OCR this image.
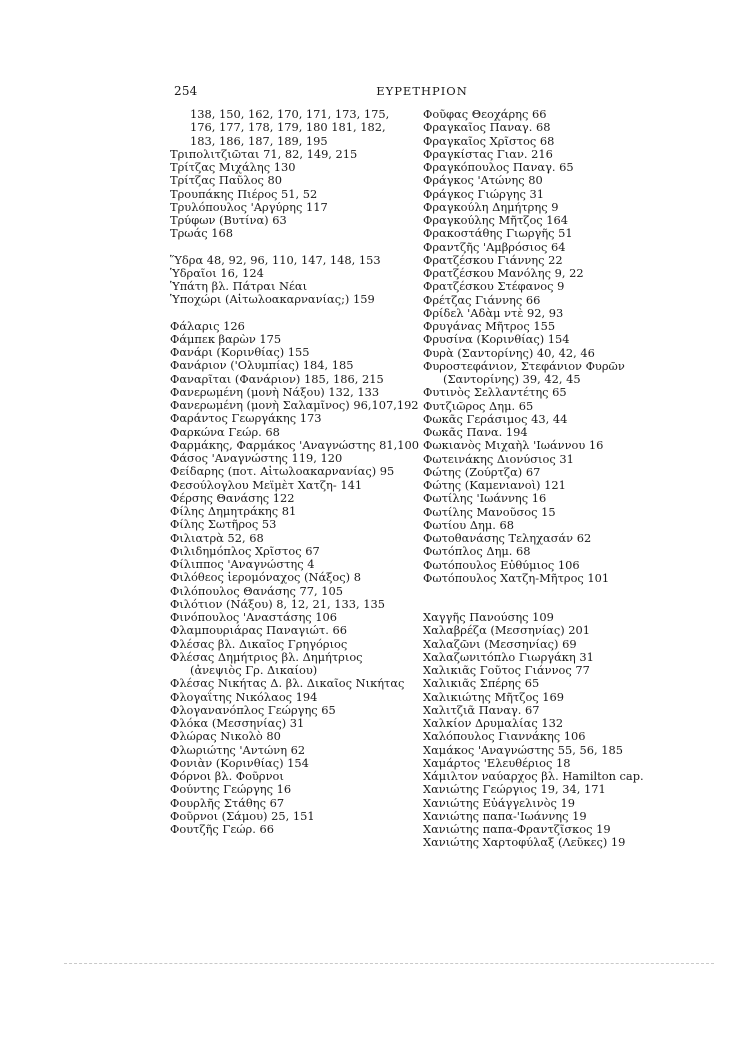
254	ΕΥΡΕΤΗΡΙΟΝ
138, 150, 162, 170, 171, 173, 175,
176, 177, 178, 179, 180 181, 182,
183, 186, 187, 189, 195
Τριπολιτζιῶται 71, 82, 149, 215
Τρίτζας Μιχάλης 130
Τρίτζας Παῦλος 80
Τρουπάκης Πιέρος 51, 52
Τρυλόπουλος 'Αργύρης 117
Τρύφων (Βυτίνα) 63
Τρωάς 168
Ὕδρα 48, 92, 96, 110, 147, 148, 153
Ὑδραῖοι 16, 124
Ὑπάτη βλ. Πάτραι Νέαι
Ὑποχώρι (Αἰτωλοακαρνανίας;) 159
Φάλαρις 126
Φάμπεκ βαρὼν 175
Φανάρι (Κορινθίας) 155
Φανάριον ('Ολυμπίας) 184, 185
Φαναρῖται (Φανάριον) 185, 186, 215
Φανερωμένη (μονὴ Νάξου) 132, 133
Φανερωμένη (μονὴ Σαλαμῖνος) 96,107,192
Φαράντος Γεωργάκης 173
Φαρκώνα Γεώρ. 68
Φαρμάκης, Φαρμάκος 'Αναγνώστης 81,100
Φάσος 'Αναγνώστης 119, 120
Φείδαρης (ποτ. Αἰτωλοακαρνανίας) 95
Φεσούλογλου Μεϊμὲτ Χατζη- 141
Φέρσης Θανάσης 122
Φίλης Δημητράκης 81
Φίλης Σωτῆρος 53
Φιλιατρὰ 52, 68
Φιλιδημόπλος Χρῖστος 67
Φίλιππος 'Αναγνώστης 4
Φιλόθεος ἱερομόναχος (Νάξος) 8
Φιλόπουλος Θανάσης 77, 105
Φιλότιον (Νάξου) 8, 12, 21, 133, 135
Φινόπουλος 'Αναστάσης 106
Φλαμπουριάρας Παναγιώτ. 66
Φλέσας βλ. Δικαῖος Γρηγόριος
Φλέσας Δημήτριος βλ. Δημήτριος (ἀνεψιὸς Γρ. Δικαίου)
Φλέσας Νικήτας Δ. βλ. Δικαῖος Νικήτας
Φλογαΐτης Νικόλαος 194
Φλογανανόπλος Γεώργης 65
Φλόκα (Μεσσηνίας) 31
Φλώρας Νικολὸ 80
Φλωριώτης 'Αντώνη 62
Φονιὰν (Κορινθίας) 154
Φόρνοι βλ. Φοῦρνοι
Φούντης Γεώργης 16
Φουρλῆς Στάθης 67
Φοῦρνοι (Σάμου) 25, 151
Φουτζῆς Γεώρ. 66
Φοῦφας Θεοχάρης 66
Φραγκαῖος Παναγ. 68
Φραγκαῖος Χρῖστος 68
Φραγκίστας Γιαν. 216
Φραγκόπουλος Παναγ. 65
Φράγκος 'Ατώνης 80
Φράγκος Γιώργης 31
Φραγκούλη Δημήτρης 9
Φραγκούλης Μῆτζος 164
Φρακοστάθης Γιωργῆς 51
Φραντζῆς 'Αμβρόσιος 64
Φρατζέσκου Γιάννης 22
Φρατζέσκου Μανόλης 9, 22
Φρατζέσκου Στέφανος 9
Φρέτζας Γιάννης 66
Φρίδελ 'Αδὰμ ντὲ 92, 93
Φρυγάνας Μῆτρος 155
Φρυσίνα (Κορινθίας) 154
Φυρὰ (Σαντορίνης) 40, 42, 46
Φυροστεφάνιον, Στεφάνιον Φυρῶν (Σαντορίνης) 39, 42, 45
Φυτινὸς Σελλαντέτης 65
Φυτζιῶρος Δημ. 65
Φωκᾶς Γεράσιμος 43, 44
Φωκᾶς Πανα. 194
Φωκιανὸς Μιχαὴλ 'Ιωάννου 16
Φωτεινάκης Διονύσιος 31
Φώτης (Ζούρτζα) 67
Φώτης (Καμενιανοὶ) 121
Φωτίλης 'Ιωάννης 16
Φωτίλης Μανοῦσος 15
Φωτίου Δημ. 68
Φωτοθανάσης Τεληχασάν 62
Φωτόπλος Δημ. 68
Φωτόπουλος Εὐθύμιος 106
Φωτόπουλος Χατζη-Μῆτρος 101
Χαγγῆς Πανούσης 109
Χαλαβρέζα (Μεσσηνίας) 201
Χαλαζῶνι (Μεσσηνίας) 69
Χαλαζωνιτόπλο Γιωργάκη 31
Χαλικιᾶς Γοῦτος Γιάννος 77
Χαλικιᾶς Σπέρης 65
Χαλικιώτης Μῆτζος 169
Χαλιτζιᾶ Παναγ. 67
Χαλκίον Δρυμαλίας 132
Χαλόπουλος Γιαννάκης 106
Χαμάκος 'Αναγνώστης 55, 56, 185
Χαμάρτος 'Ελευθέριος 18
Χάμιλτον ναύαρχος βλ. Hamilton cap.
Χανιώτης Γεώργιος 19, 34, 171
Χανιώτης Εὐάγγελινὸς 19
Χανιώτης παπα-'Ιωάννης 19
Χανιώτης παπα-Φραντζῖσκος 19
Χανιώτης Χαρτοφύλαξ (Λεῦκες) 19
